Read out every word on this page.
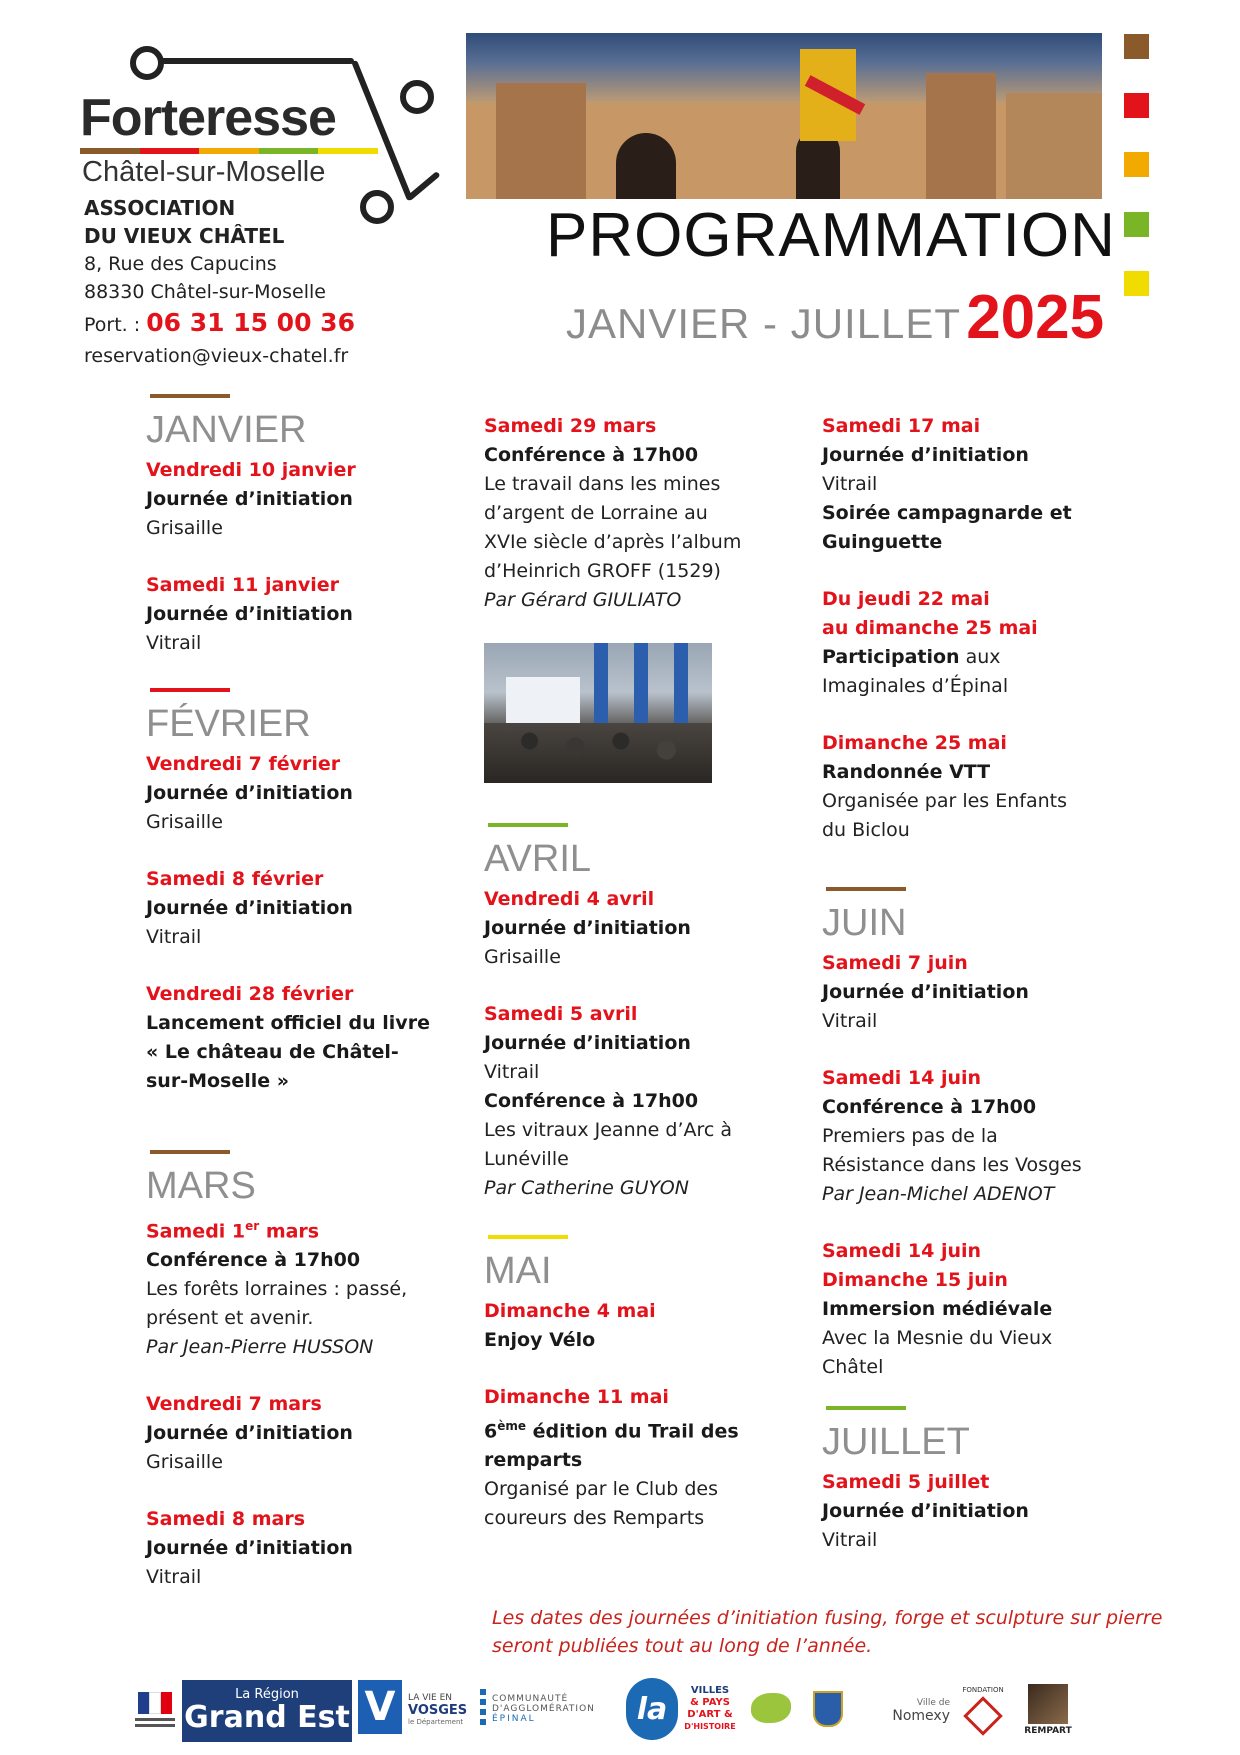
Forteresse
Châtel-sur-Moselle
ASSOCIATION
DU VIEUX CHÂTEL
8, Rue des Capucins
88330 Châtel-sur-Moselle
Port. : 06 31 15 00 36
reservation@vieux-chatel.fr
PROGRAMMATION
JANVIER - JUILLET 2025
JANVIER
Vendredi 10 janvier
Journée d’initiation
Grisaille
Samedi 11 janvier
Journée d’initiation
Vitrail
FÉVRIER
Vendredi 7 février
Journée d’initiation
Grisaille
Samedi 8 février
Journée d’initiation
Vitrail
Vendredi 28 février
Lancement officiel du livre
« Le château de Châtel-
sur-Moselle »
MARS
Samedi 1er mars
Conférence à 17h00
Les forêts lorraines : passé,
présent et avenir.
Par Jean-Pierre HUSSON
Vendredi 7 mars
Journée d’initiation
Grisaille
Samedi 8 mars
Journée d’initiation
Vitrail
Samedi 29 mars
Conférence à 17h00
Le travail dans les mines
d’argent de Lorraine au
XVIe siècle d’après l’album
d’Heinrich GROFF (1529)
Par Gérard GIULIATO
AVRIL
Vendredi 4 avril
Journée d’initiation
Grisaille
Samedi 5 avril
Journée d’initiation
Vitrail
Conférence à 17h00
Les vitraux Jeanne d’Arc à
Lunéville
Par Catherine GUYON
MAI
Dimanche 4 mai
Enjoy Vélo
Dimanche 11 mai
6ème édition du Trail des
remparts
Organisé par le Club des
coureurs des Remparts
Samedi 17 mai
Journée d’initiation
Vitrail
Soirée campagnarde et
Guinguette
Du jeudi 22 mai
au dimanche 25 mai
Participation aux
Imaginales d’Épinal
Dimanche 25 mai
Randonnée VTT
Organisée par les Enfants
du Biclou
JUIN
Samedi 7 juin
Journée d’initiation
Vitrail
Samedi 14 juin
Conférence à 17h00
Premiers pas de la
Résistance dans les Vosges
Par Jean-Michel ADENOT
Samedi 14 juin
Dimanche 15 juin
Immersion médiévale
Avec la Mesnie du Vieux
Châtel
JUILLET
Samedi 5 juillet
Journée d’initiation
Vitrail
Les dates des journées d’initiation fusing, forge et sculpture sur pierre
seront publiées tout au long de l’année.
La Région
Grand Est V LA VIE EN
VOSGES
le Département
COMMUNAUTÉ
D'AGGLOMÉRATION
ÉPINAL	la
VILLES
& PAYS
D'ART &
D'HISTOIRE
Ville de
Nomexy
FONDATION
REMPART
